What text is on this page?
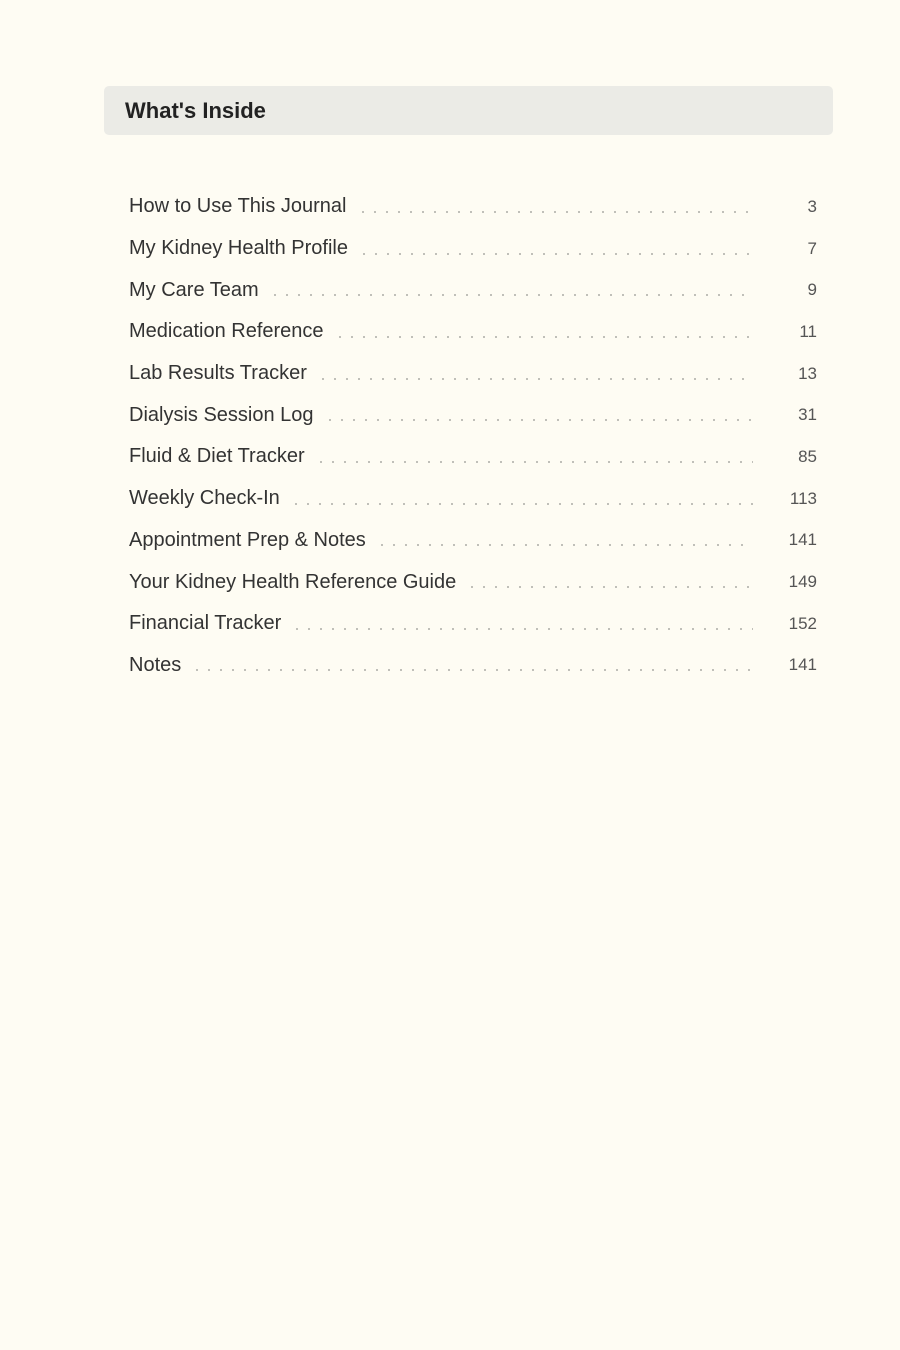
What's Inside
How to Use This Journal	3
My Kidney Health Profile	7
My Care Team	9
Medication Reference	11
Lab Results Tracker	13
Dialysis Session Log	31
Fluid & Diet Tracker	85
Weekly Check-In	113
Appointment Prep & Notes	141
Your Kidney Health Reference Guide	149
Financial Tracker	152
Notes	141
